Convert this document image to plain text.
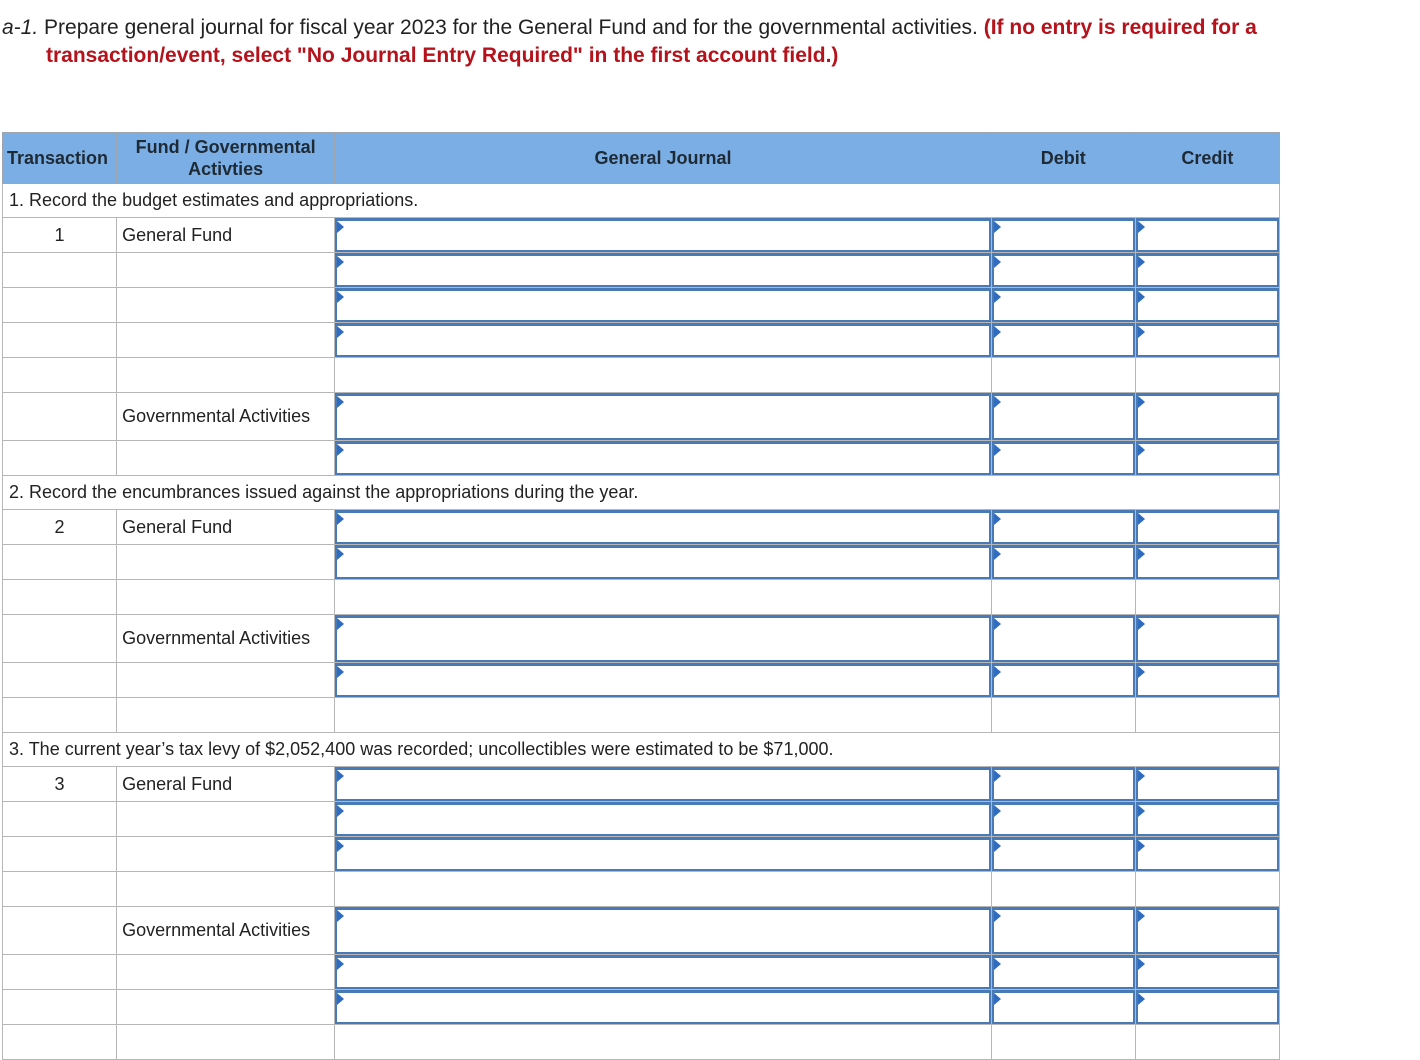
a-1. Prepare general journal for fiscal year 2023 for the General Fund and for the governmental activities. (If no entry is required for a
transaction/event, select "No Journal Entry Required" in the first account field.)

Transaction	Fund / Governmental Activties	General Journal	Debit	Credit
1. Record the budget estimates and appropriations.				
1	General Fund	

	Governmental Activities	

2. Record the encumbrances issued against the appropriations during the year.				
2	General Fund	

	Governmental Activities	

3. The current year’s tax levy of $2,052,400 was recorded; uncollectibles were estimated to be $71,000.				
3	General Fund	

	Governmental Activities	
